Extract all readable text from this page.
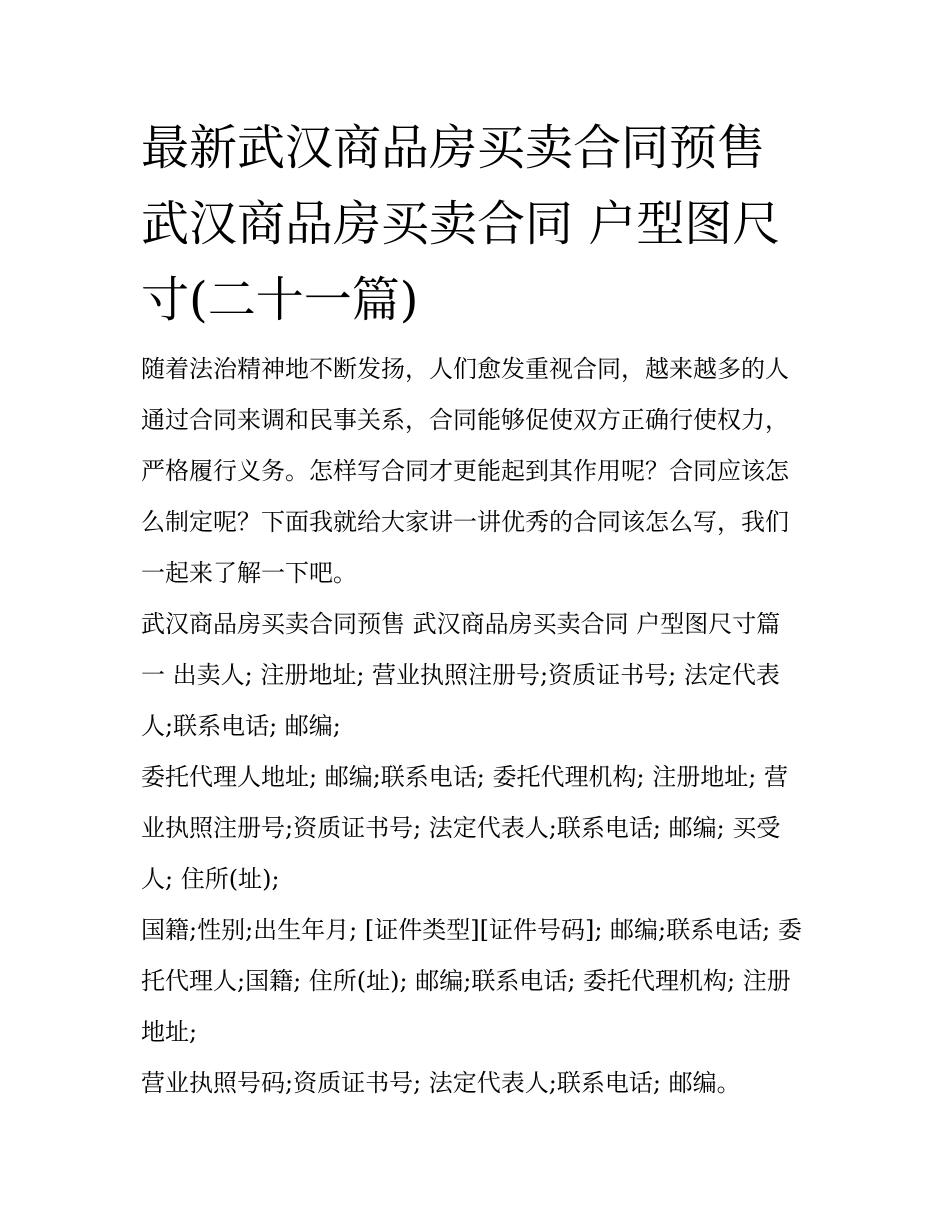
最新武汉商品房买卖合同预售
武汉商品房买卖合同 户型图尺
寸(二十一篇)

随着法治精神地不断发扬，人们愈发重视合同，越来越多的人
通过合同来调和民事关系，合同能够促使双方正确行使权力，
严格履行义务。怎样写合同才更能起到其作用呢？合同应该怎
么制定呢？下面我就给大家讲一讲优秀的合同该怎么写，我们
一起来了解一下吧。

武汉商品房买卖合同预售 武汉商品房买卖合同 户型图尺寸篇
一 出卖人; 注册地址; 营业执照注册号;资质证书号; 法定代表
人;联系电话; 邮编;

委托代理人地址; 邮编;联系电话; 委托代理机构; 注册地址; 营
业执照注册号;资质证书号; 法定代表人;联系电话; 邮编; 买受
人; 住所(址);

国籍;性别;出生年月; [证件类型][证件号码]; 邮编;联系电话; 委
托代理人;国籍; 住所(址); 邮编;联系电话; 委托代理机构; 注册
地址;

营业执照号码;资质证书号; 法定代表人;联系电话; 邮编。
